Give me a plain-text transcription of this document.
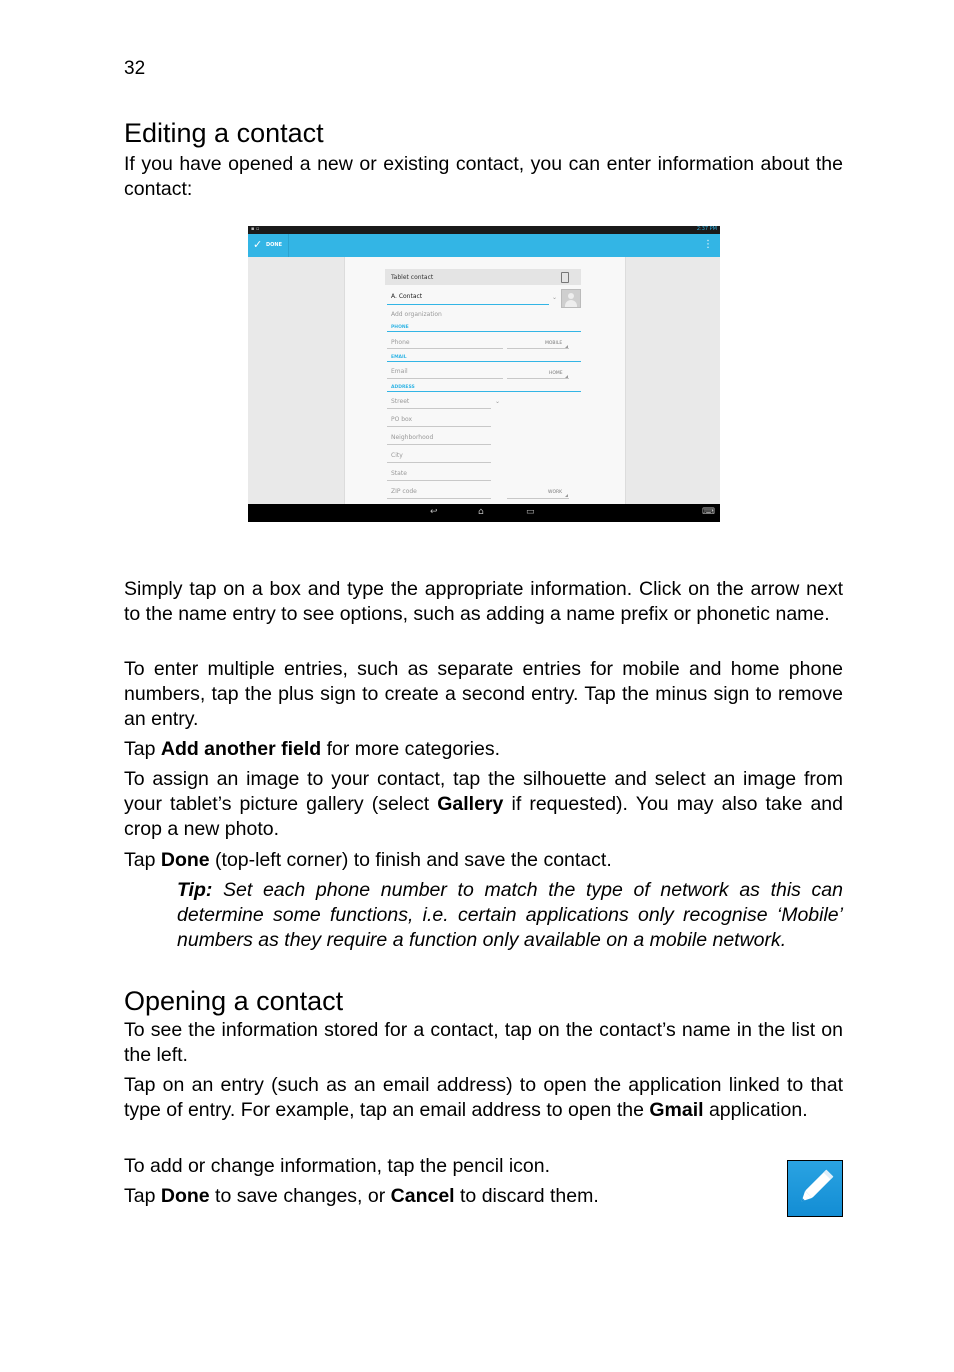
32
Editing a contact

If you have opened a new or existing contact, you can enter information about the contact:

▪ ▫	2:37 PM
✓ DONE	⋮
Tablet contact
A. Contact	⌄
Add organization
PHONE
Phone	MOBILE
EMAIL
Email	HOME
ADDRESS
Street	⌄
PO box
Neighborhood
City
State
ZIP code	WORK
↩	⌂	▭	⌨

Simply tap on a box and type the appropriate information. Click on the arrow next to the name entry to see options, such as adding a name prefix or phonetic name.

To enter multiple entries, such as separate entries for mobile and home phone numbers, tap the plus sign to create a second entry. Tap the minus sign to remove an entry.

Tap Add another field for more categories.

To assign an image to your contact, tap the silhouette and select an image from your tablet’s picture gallery (select Gallery if requested). You may also take and crop a new photo.

Tap Done (top-left corner) to finish and save the contact.

Tip: Set each phone number to match the type of network as this can determine some functions, i.e. certain applications only recognise ‘Mobile’ numbers as they require a function only available on a mobile network.

Opening a contact

To see the information stored for a contact, tap on the contact’s name in the list on the left.

Tap on an entry (such as an email address) to open the application linked to that type of entry. For example, tap an email address to open the Gmail application.

To add or change information, tap the pencil icon.

Tap Done to save changes, or Cancel to discard them.
